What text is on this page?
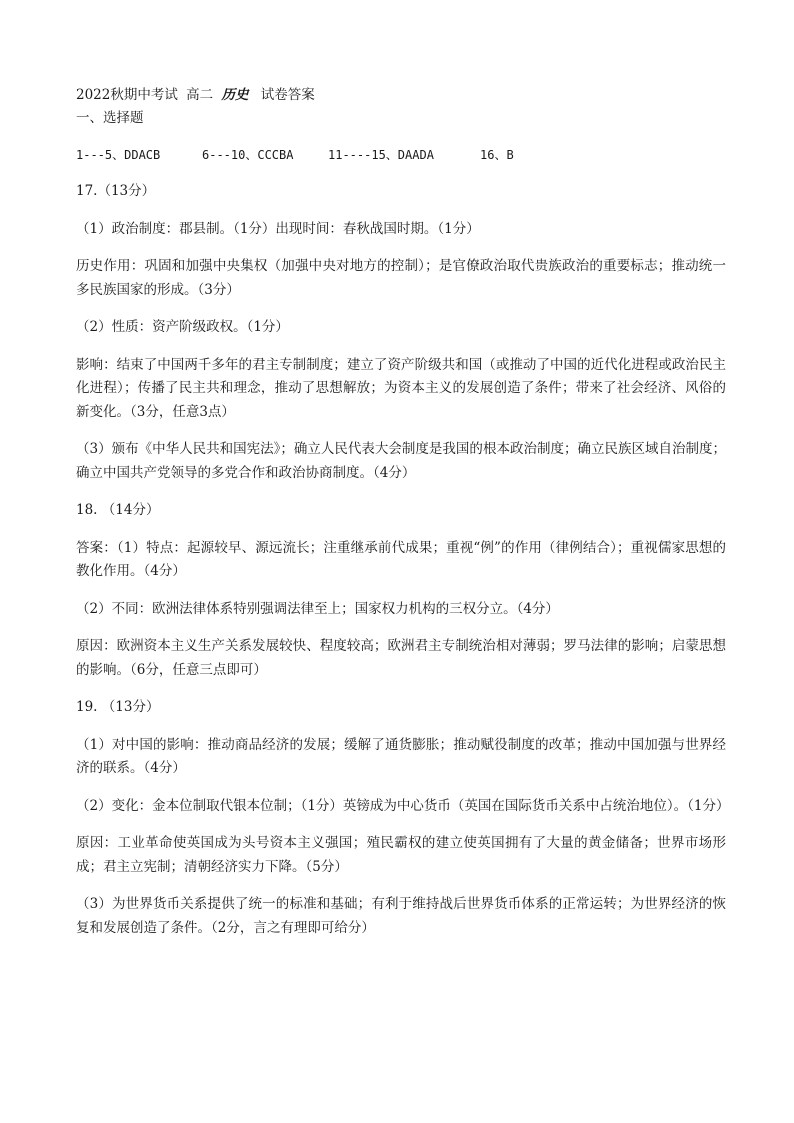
2022秋期中考试 高二 历史 试卷答案
一、选择题
1---5、DDACB	6---10、CCCBA	11----15、DAADA	16、B
17.（13分）
（1）政治制度：郡县制。（1分）出现时间：春秋战国时期。（1分）
历史作用：巩固和加强中央集权（加强中央对地方的控制）；是官僚政治取代贵族政治的重要标志；推动统一多民族国家的形成。（3分）
（2）性质：资产阶级政权。（1分）
影响：结束了中国两千多年的君主专制制度；建立了资产阶级共和国（或推动了中国的近代化进程或政治民主化进程）；传播了民主共和理念，推动了思想解放；为资本主义的发展创造了条件；带来了社会经济、风俗的新变化。（3分，任意3点）
（3）颁布《中华人民共和国宪法》；确立人民代表大会制度是我国的根本政治制度；确立民族区域自治制度；确立中国共产党领导的多党合作和政治协商制度。（4分）
18. （14分）
答案：（1）特点：起源较早、源远流长；注重继承前代成果；重视“例”的作用（律例结合）；重视儒家思想的教化作用。（4分）
（2）不同：欧洲法律体系特别强调法律至上；国家权力机构的三权分立。（4分）
原因：欧洲资本主义生产关系发展较快、程度较高；欧洲君主专制统治相对薄弱；罗马法律的影响；启蒙思想的影响。（6分，任意三点即可）
19. （13分）
（1）对中国的影响：推动商品经济的发展；缓解了通货膨胀；推动赋役制度的改革；推动中国加强与世界经济的联系。（4分）
（2）变化：金本位制取代银本位制；（1分）英镑成为中心货币（英国在国际货币关系中占统治地位）。（1分）
原因：工业革命使英国成为头号资本主义强国；殖民霸权的建立使英国拥有了大量的黄金储备；世界市场形成；君主立宪制；清朝经济实力下降。（5分）
（3）为世界货币关系提供了统一的标准和基础；有利于维持战后世界货币体系的正常运转；为世界经济的恢复和发展创造了条件。（2分，言之有理即可给分）
